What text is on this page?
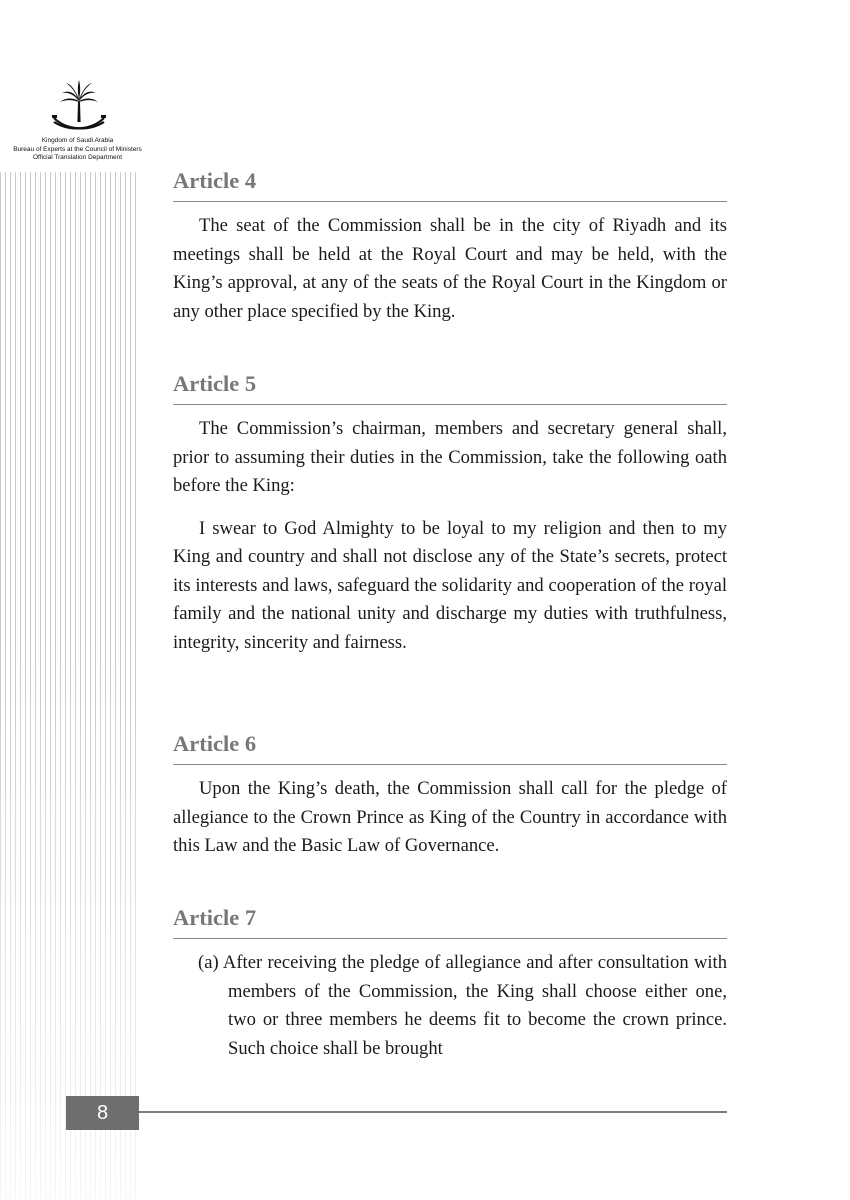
Kingdom of Saudi Arabia
Bureau of Experts at the Council of Ministers
Official Translation Department
Article 4

The seat of the Commission shall be in the city of Riyadh and its meetings shall be held at the Royal Court and may be held, with the King’s approval, at any of the seats of the Royal Court in the Kingdom or any other place specified by the King.

Article 5

The Commission’s chairman, members and secretary general shall, prior to assuming their duties in the Commission, take the following oath before the King:

I swear to God Almighty to be loyal to my religion and then to my King and country and shall not disclose any of the State’s secrets, protect its interests and laws, safeguard the solidarity and cooperation of the royal family and the national unity and discharge my duties with truthfulness, integrity, sincerity and fairness.

Article 6

Upon the King’s death, the Commission shall call for the pledge of allegiance to the Crown Prince as King of the Country in accordance with this Law and the Basic Law of Governance.

Article 7

(a) After receiving the pledge of allegiance and after consultation with members of the Commission, the King shall choose either one, two or three members he deems fit to become the crown prince. Such choice shall be brought

8
